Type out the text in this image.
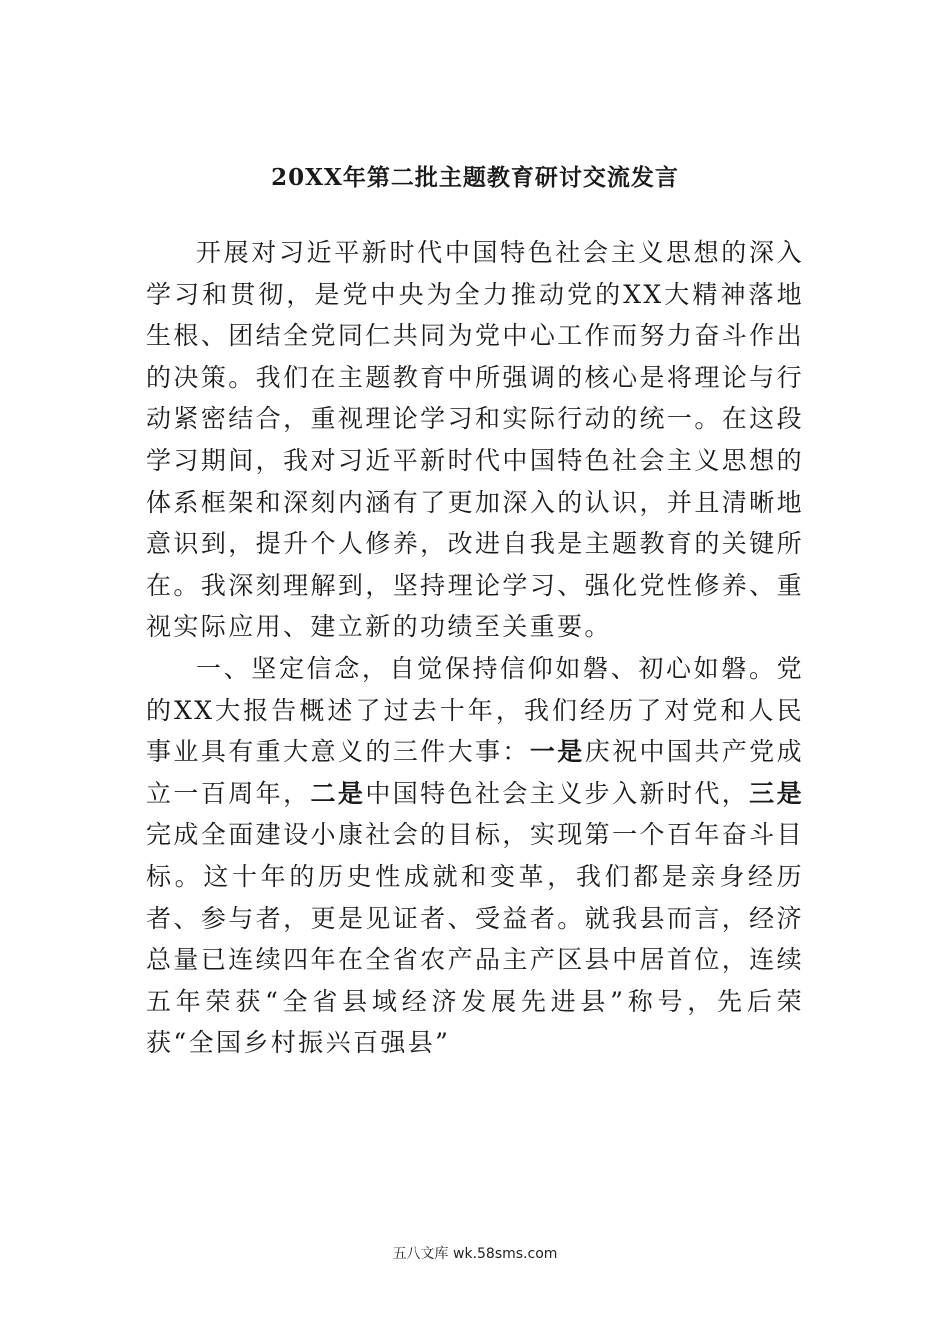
20XX年第二批主题教育研讨交流发言

开展对习近平新时代中国特色社会主义思想的深入学习和贯彻，是党中央为全力推动党的XX大精神落地生根、团结全党同仁共同为党中心工作而努力奋斗作出的决策。我们在主题教育中所强调的核心是将理论与行动紧密结合，重视理论学习和实际行动的统一。在这段学习期间，我对习近平新时代中国特色社会主义思想的体系框架和深刻内涵有了更加深入的认识，并且清晰地意识到，提升个人修养，改进自我是主题教育的关键所在。我深刻理解到，坚持理论学习、强化党性修养、重视实际应用、建立新的功绩至关重要。

一、坚定信念，自觉保持信仰如磐、初心如磐。党的XX大报告概述了过去十年，我们经历了对党和人民事业具有重大意义的三件大事：一是庆祝中国共产党成立一百周年，二是中国特色社会主义步入新时代，三是完成全面建设小康社会的目标，实现第一个百年奋斗目标。这十年的历史性成就和变革，我们都是亲身经历者、参与者，更是见证者、受益者。就我县而言，经济总量已连续四年在全省农产品主产区县中居首位，连续五年荣获“全省县域经济发展先进县”称号，先后荣获“全国乡村振兴百强县”

五八文库 wk.58sms.com
